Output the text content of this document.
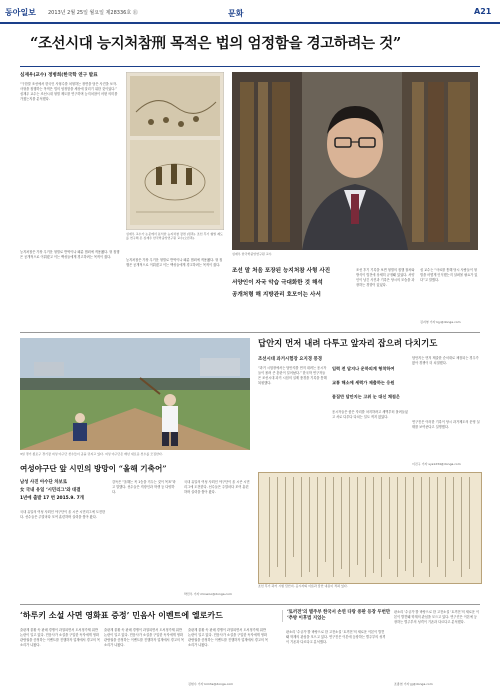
동아일보 2013년 2월 25일 월요일 제28336호 ⑪	문화	A21
“조선시대 능지처참刑 목적은 법의 엄정함을 경고하려는 것”
심재우(교수) 정병희(한국학 연구 발표
“구한말 조선에서 한국인 사형수를 처형하는 장면을 담은 사진을 보자. 사형을 집행하는 목적은 법의 엄정함을 세상에 알리기 위한 것이었다.” 심재우 교수는 조선시대 형벌 제도를 연구하며 능지처참이 어떤 의미를 가졌는지를 분석했다.
능지처참은 가장 무거운 형벌로 반역이나 패륜 범죄에 적용됐다. 형 집행은 공개적으로 이뤄졌고 이는 백성들에게 경고하려는 목적이 컸다.
심재우 교수가 논문에서 분석한 능지처참 장면 (왼쪽). 조선 후기 형벌 제도를 연구해 온 심재우 한국학중앙연구원 교수(오른쪽).
심재우 한국학중앙연구원 교수
조선 말 처음 포장된 능지처참 사형 사진
서양인이 자국 악습 극대화한 것 해석
공개처형 해 지방관리 호모이는 사서
능지처참은 가장 무거운 형벌로 반역이나 패륜 범죄에 적용됐다. 형 집행은 공개적으로 이뤄졌고 이는 백성들에게 경고하려는 목적이 컸다.
조선 후기 기록을 보면 형벌의 집행 절차와 방식이 법전에 상세히 규정돼 있었다. 서양인이 남긴 사진과 기록은 당시의 모습을 과장하는 경향이 있었다.
심 교수는 “사료를 통해 당시 사람들이 형벌을 어떻게 인식했는지 살펴볼 필요가 있다”고 말했다.
김지영 기자 kjy@donga.com
답안지 먼저 내려 다투고 앞자리 잡으려 다치기도
조선시대 과거시험장 요지경 풍경
“과거 시험장에서는 답안지를 먼저 내려는 응시자들이 몰려 큰 혼란이 일어났다.” 한국학 연구자들은 조선시대 과거 시험의 실제 풍경을 기록을 통해 복원했다.
입력 전 답지나 운하의계 형착하여
교통 해소에 세력가 제출하는 응원
몸집만 답안지는 고위 눈 대신 채점은
응시자들은 좋은 자리를 차지하려고 새벽부터 몰려들었고 서로 다투다 다치는 일도 적지 않았다.
답안지는 먼저 제출한 순서대로 채점되는 경우가 많아 경쟁이 더 치열했다.
연구진은 이러한 기록이 당시 과거제도의 운영 실태를 보여준다고 설명했다.
이진구 기자 sys1234@donga.com
조선 후기 과거 시험 답안지. 응시자의 이름과 답안 내용이 적혀 있다.
3일 경기 종로구 경기장 여성 야구단 선수들이 공을 던지고 있다. 여성 야구단은 매년 새로운 선수를 모집한다.
여성야구단 앞 시민의 방망이 “올해 기축어”
남성 사진 아수단 차보로
女 국내 유일 ‘시민리그’와 대결
1년에 출발 17 번 2015.9. 7개
국내 유일의 여성 사회인 야구단이 올 시즌 시민리그에 도전한다. 선수들은 주말마다 모여 훈련하며 실력을 쌓아 왔다.
감독은 “올해는 꼭 1승을 거두는 것이 목표”라고 말했다. 선수들은 직장인과 학생 등 다양하다.
국내 유일의 여성 사회인 야구단이 올 시즌 시민리그에 도전한다. 선수들은 주말마다 모여 훈련하며 실력을 쌓아 왔다.
박민우 기자 minwoo@donga.com
‘하루키 소설 사면 영화표 증정’ 민음사 이벤트에 엘로카드
출판계 불황 속 판매 경쟁이 과열되면서 도서정가제 위반 논란이 일고 있다. 민음사가 소설을 구입한 독자에게 영화 관람권을 증정하는 이벤트를 진행하자 업계에서 경고의 목소리가 나왔다.
출판계 불황 속 판매 경쟁이 과열되면서 도서정가제 위반 논란이 일고 있다. 민음사가 소설을 구입한 독자에게 영화 관람권을 증정하는 이벤트를 진행하자 업계에서 경고의 목소리가 나왔다.
출판계 불황 속 판매 경쟁이 과열되면서 도서정가제 위반 논란이 일고 있다. 민음사가 소설을 구입한 독자에게 영화 관람권을 증정하는 이벤트를 진행하자 업계에서 경고의 목소리가 나왔다.
김현수 기자 kimhs@donga.com
‘토끼전’의 별주부 한국서 손연 다랑 중판 등장 두번만 ‘추방 이후법 지었는
판소리 ‘수궁가’를 바탕으로 한 고전소설 ‘토끼전’의 새로운 이본이 발견돼 학계의 관심을 모으고 있다. 연구진은 이본에 등장하는 별주부의 성격이 기존과 다르다고 분석했다.
판소리 ‘수궁가’를 바탕으로 한 고전소설 ‘토끼전’의 새로운 이본이 발견돼 학계의 관심을 모으고 있다. 연구진은 이본에 등장하는 별주부의 성격이 기존과 다르다고 분석했다.
조종엽 기자 jjj@donga.com
